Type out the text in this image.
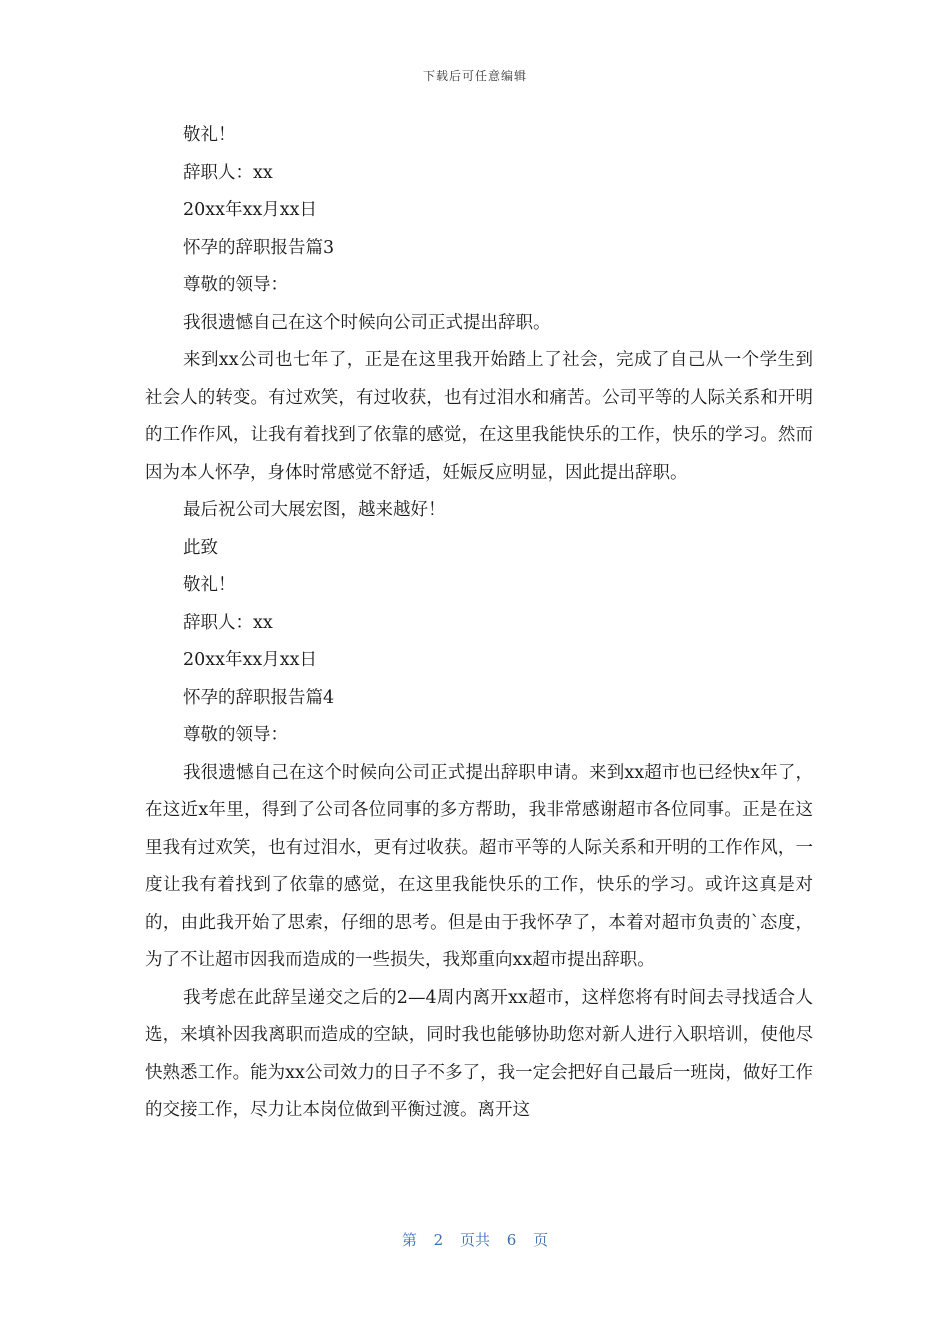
下载后可任意编辑
敬礼！
辞职人：xx
20xx年xx月xx日
怀孕的辞职报告篇3
尊敬的领导：
我很遗憾自己在这个时候向公司正式提出辞职。
来到xx公司也七年了，正是在这里我开始踏上了社会，完成了自己从一个学生到社会人的转变。有过欢笑，有过收获，也有过泪水和痛苦。公司平等的人际关系和开明的工作作风，让我有着找到了依靠的感觉，在这里我能快乐的工作，快乐的学习。然而因为本人怀孕，身体时常感觉不舒适，妊娠反应明显，因此提出辞职。
最后祝公司大展宏图，越来越好！
此致
敬礼！
辞职人：xx
20xx年xx月xx日
怀孕的辞职报告篇4
尊敬的领导：
我很遗憾自己在这个时候向公司正式提出辞职申请。来到xx超市也已经快x年了，在这近x年里，得到了公司各位同事的多方帮助，我非常感谢超市各位同事。正是在这里我有过欢笑，也有过泪水，更有过收获。超市平等的人际关系和开明的工作作风，一度让我有着找到了依靠的感觉，在这里我能快乐的工作，快乐的学习。或许这真是对的，由此我开始了思索，仔细的思考。但是由于我怀孕了，本着对超市负责的`态度，为了不让超市因我而造成的一些损失，我郑重向xx超市提出辞职。
我考虑在此辞呈递交之后的2—4周内离开xx超市，这样您将有时间去寻找适合人选，来填补因我离职而造成的空缺，同时我也能够协助您对新人进行入职培训，使他尽快熟悉工作。能为xx公司效力的日子不多了，我一定会把好自己最后一班岗，做好工作的交接工作，尽力让本岗位做到平衡过渡。离开这
第 2 页共 6 页
